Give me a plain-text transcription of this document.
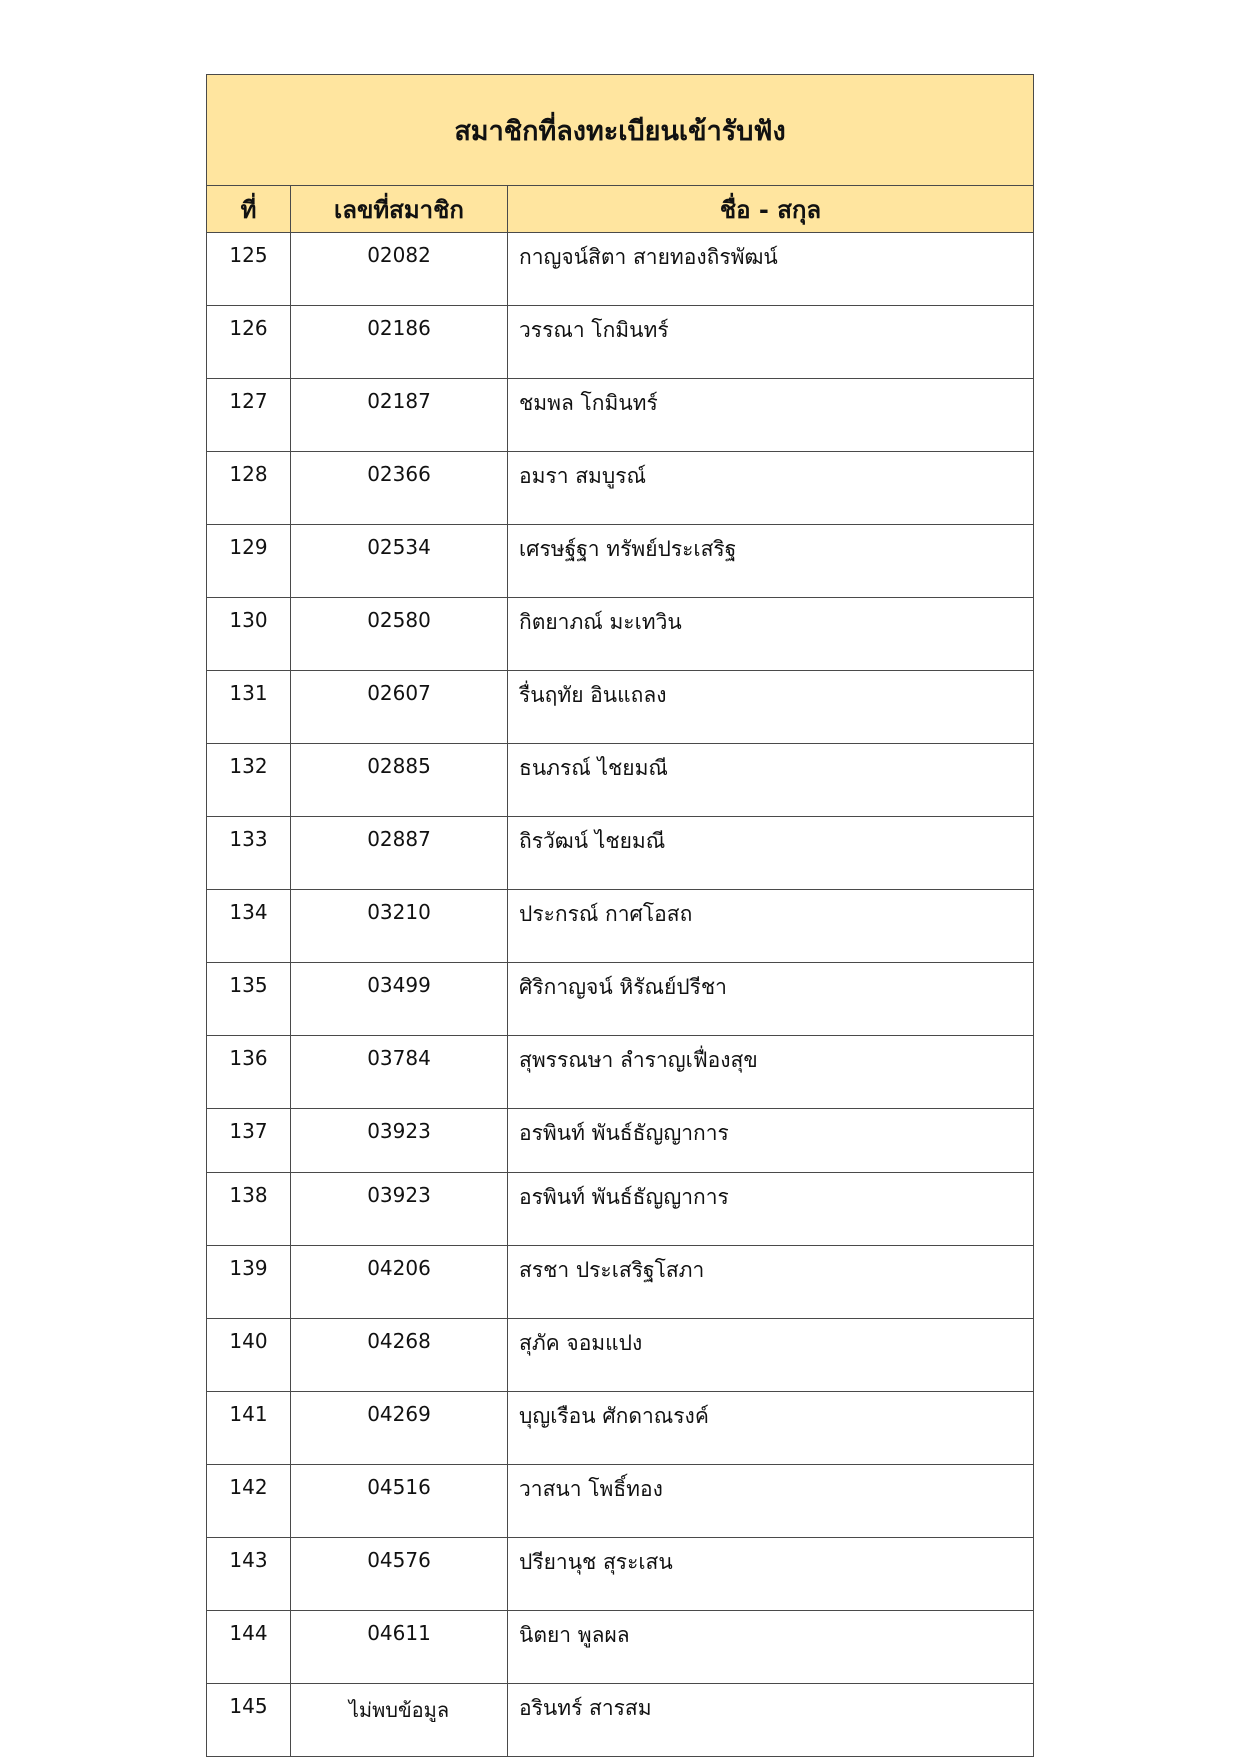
สมาชิกที่ลงทะเบียนเข้ารับฟัง		
ที่	เลขที่สมาชิก	ชื่อ - สกุล
125	02082	กาญจน์สิตา สายทองถิรพัฒน์
126	02186	วรรณา โกมินทร์
127	02187	ชมพล โกมินทร์
128	02366	อมรา สมบูรณ์
129	02534	เศรษฐ์ฐา ทรัพย์ประเสริฐ
130	02580	กิตยาภณ์ มะเทวิน
131	02607	รื่นฤทัย อินแถลง
132	02885	ธนภรณ์ ไชยมณี
133	02887	ถิรวัฒน์ ไชยมณี
134	03210	ประกรณ์ กาศโอสถ
135	03499	ศิริกาญจน์ หิรัณย์ปรีชา
136	03784	สุพรรณษา ลำราญเฟื่องสุข
137	03923	อรพินท์ พันธ์ธัญญาการ
138	03923	อรพินท์ พันธ์ธัญญาการ
139	04206	สรชา ประเสริฐโสภา
140	04268	สุภัค จอมแปง
141	04269	บุญเรือน ศักดาณรงค์
142	04516	วาสนา โพธิ์ทอง
143	04576	ปรียานุช สุระเสน
144	04611	นิตยา พูลผล
145	ไม่พบข้อมูล	อรินทร์ สารสม
